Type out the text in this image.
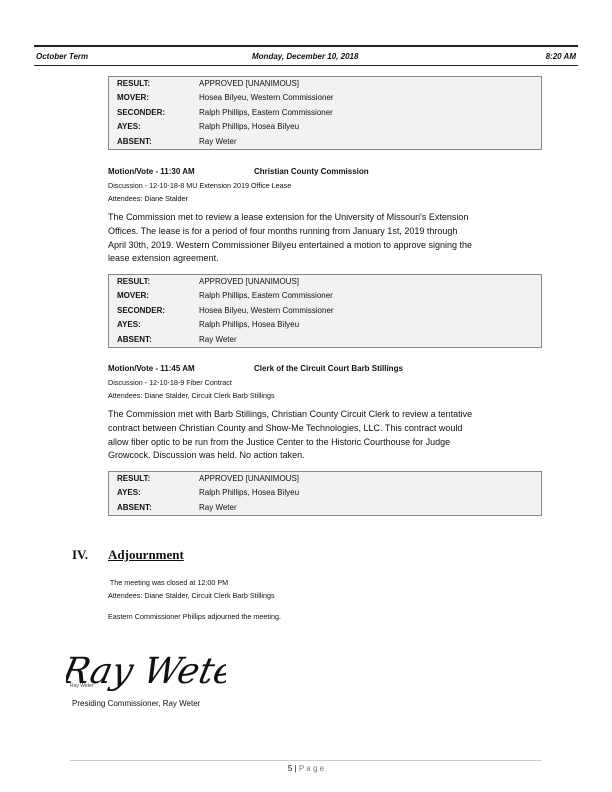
October Term	Monday, December 10, 2018	8:20 AM
RESULT:	APPROVED [UNANIMOUS]
MOVER:	Hosea Bilyeu, Western Commissioner
SECONDER:	Ralph Phillips, Eastern Commissioner
AYES:	Ralph Phillips, Hosea Bilyeu
ABSENT:	Ray Weter
Motion/Vote - 11:30 AM	Christian County Commission
Discussion - 12-10-18-8 MU Extension 2019 Office Lease
Attendees: Diane Stalder
The Commission met to review a lease extension for the University of Missouri's Extension
Offices. The lease is for a period of four months running from January 1st, 2019 through
April 30th, 2019. Western Commissioner Bilyeu entertained a motion to approve signing the
lease extension agreement.
RESULT:	APPROVED [UNANIMOUS]
MOVER:	Ralph Phillips, Eastern Commissioner
SECONDER:	Hosea Bilyeu, Western Commissioner
AYES:	Ralph Phillips, Hosea Bilyeu
ABSENT:	Ray Weter
Motion/Vote - 11:45 AM	Clerk of the Circuit Court Barb Stillings
Discussion - 12-10-18-9 Fiber Contract
Attendees: Diane Stalder, Circuit Clerk Barb Stillings
The Commission met with Barb Stillings, Christian County Circuit Clerk to review a tentative
contract between Christian County and Show-Me Technologies, LLC. This contract would
allow fiber optic to be run from the Justice Center to the Historic Courthouse for Judge
Growcock. Discussion was held. No action taken.
RESULT:	APPROVED [UNANIMOUS]
AYES:	Ralph Phillips, Hosea Bilyeu
ABSENT:	Ray Weter
IV. Adjournment
The meeting was closed at 12:00 PM
Attendees: Diane Stalder, Circuit Clerk Barb Stillings
Eastern Commissioner Phillips adjourned the meeting.
Ray Weter
Ray Weter
Presiding Commissioner, Ray Weter
5 | P a g e
